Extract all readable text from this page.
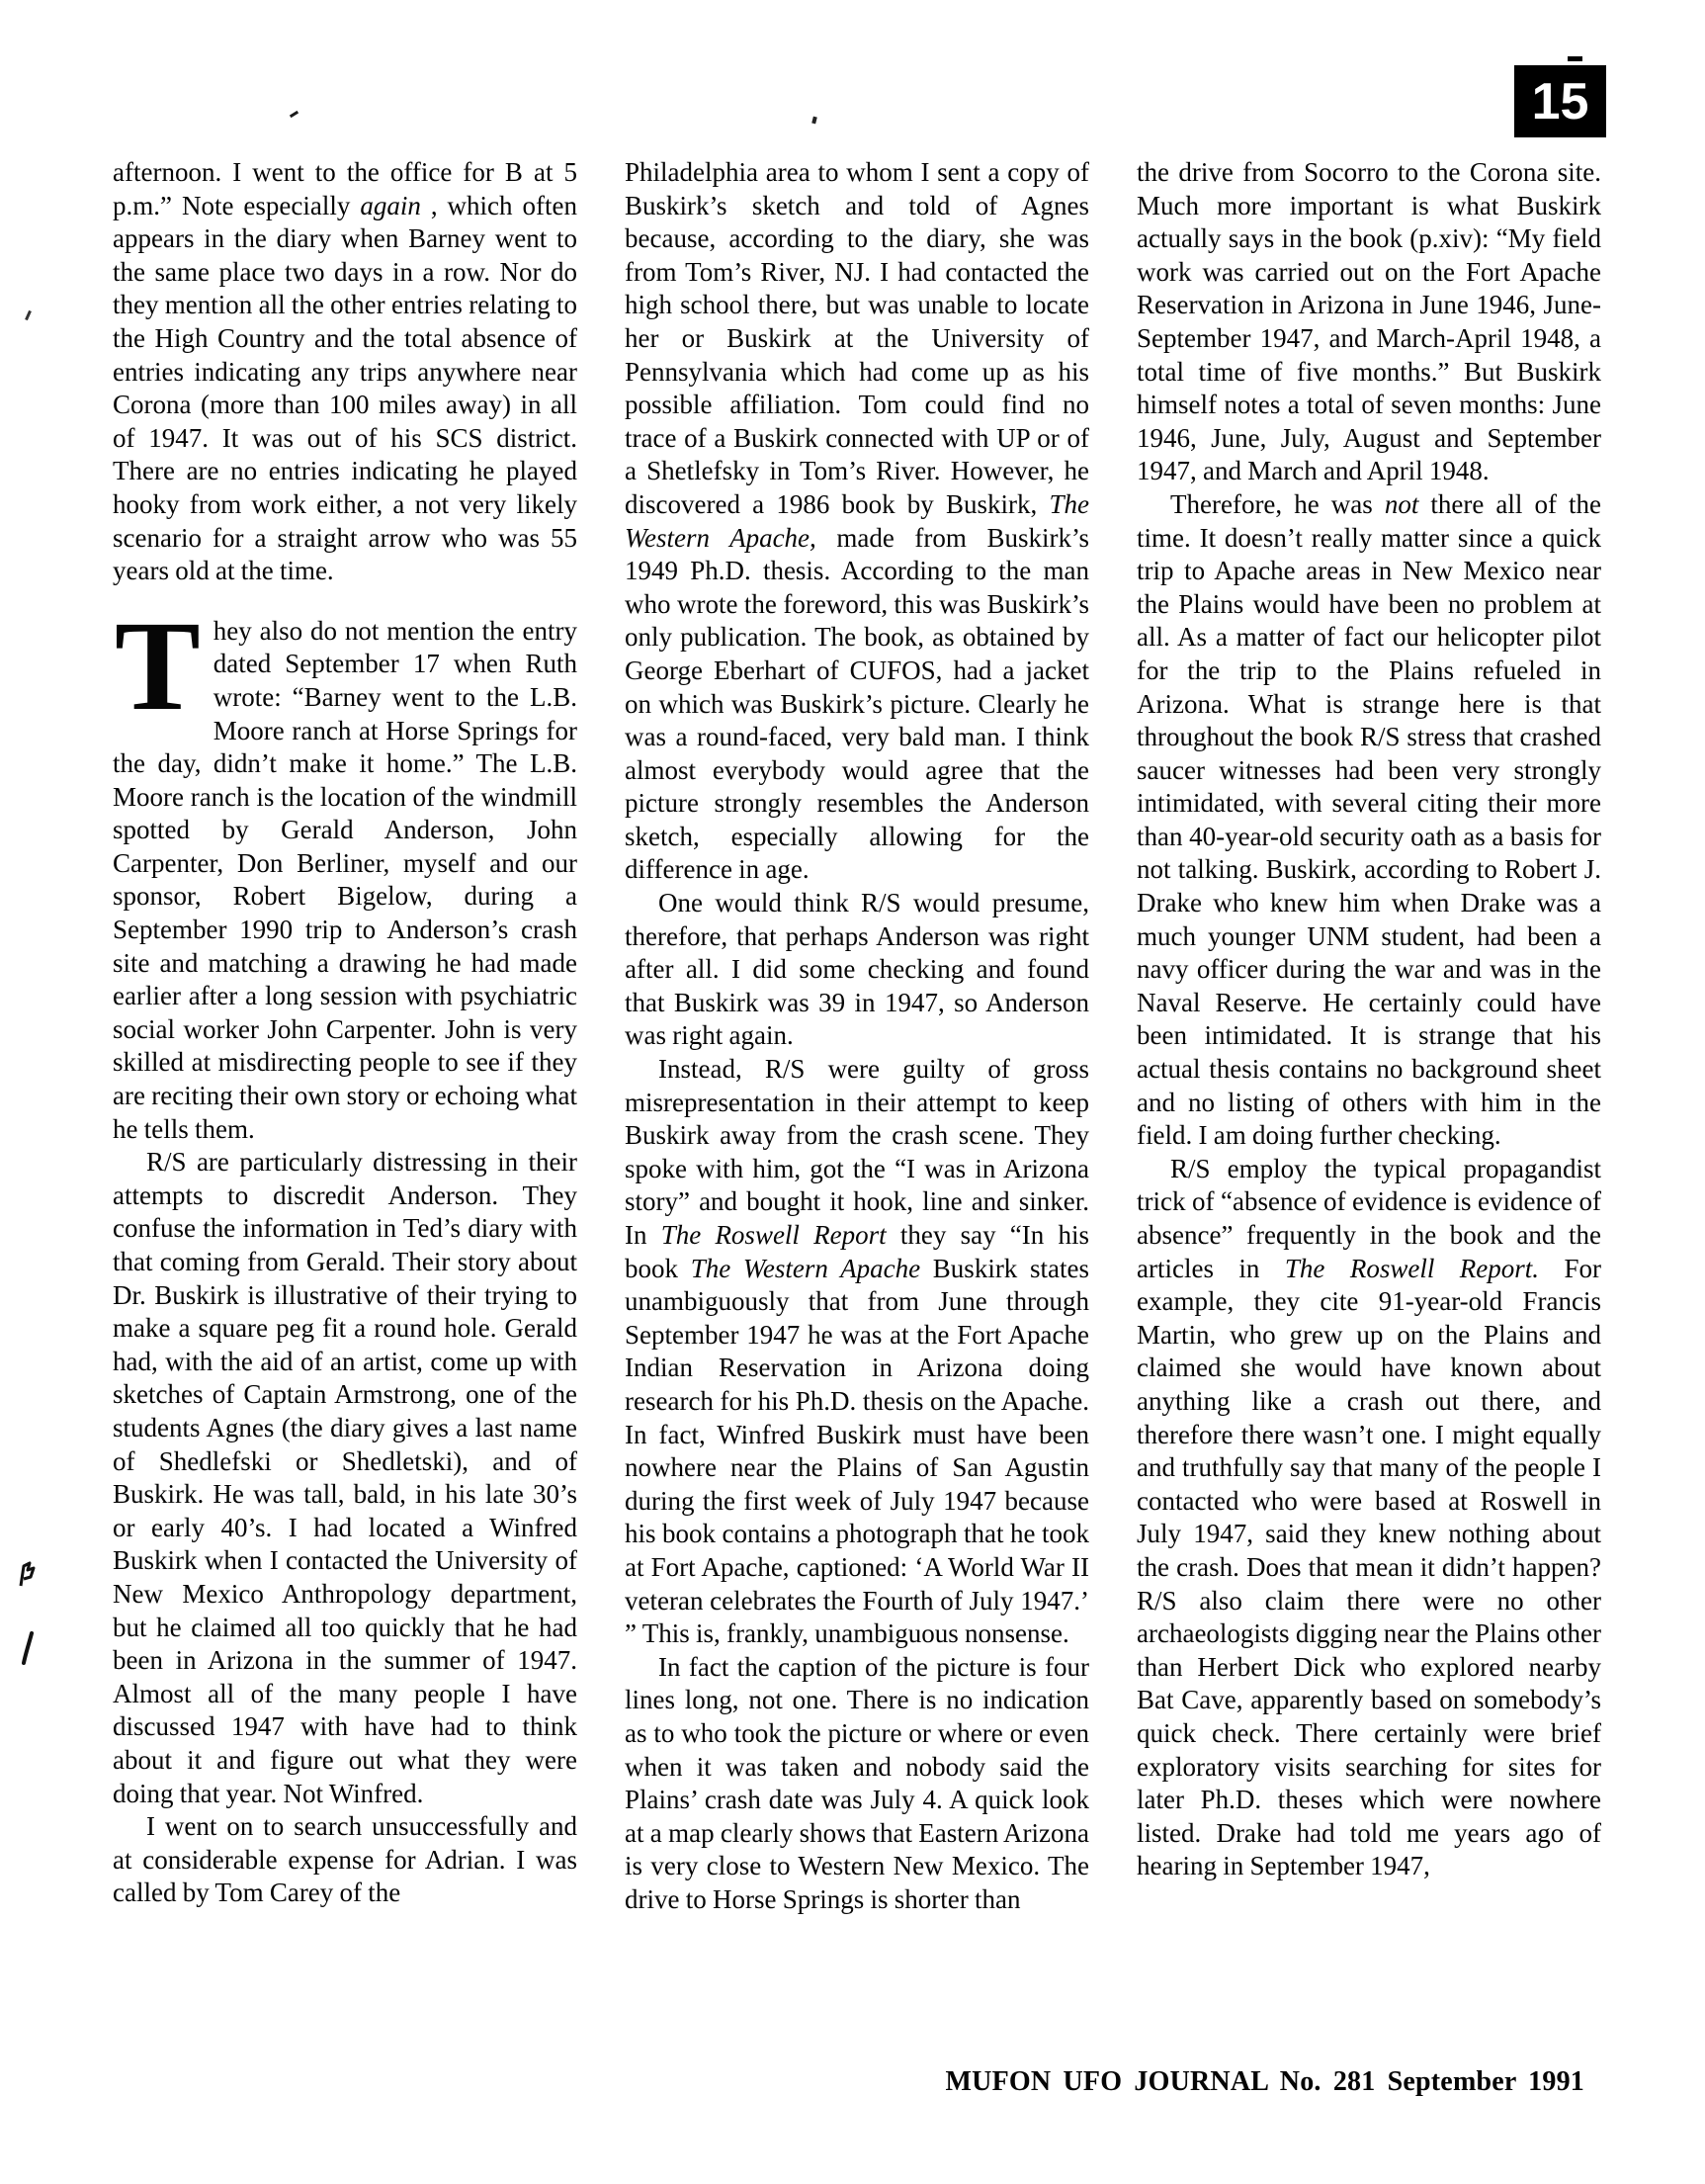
15

afternoon. I went to the office for B at 5 p.m.” Note especially again , which often appears in the diary when Barney went to the same place two days in a row. Nor do they mention all the other entries relating to the High Country and the total absence of entries indicating any trips anywhere near Corona (more than 100 miles away) in all of 1947. It was out of his SCS district. There are no entries indicating he played hooky from work either, a not very likely scenario for a straight arrow who was 55 years old at the time.

They also do not mention the entry dated September 17 when Ruth wrote: “Barney went to the L.B. Moore ranch at Horse Springs for the day, didn’t make it home.” The L.B. Moore ranch is the location of the windmill spotted by Gerald Anderson, John Carpenter, Don Berliner, myself and our sponsor, Robert Bigelow, during a September 1990 trip to Anderson’s crash site and matching a drawing he had made earlier after a long session with psychiatric social worker John Carpenter. John is very skilled at misdirecting people to see if they are reciting their own story or echoing what he tells them.

R/S are particularly distressing in their attempts to discredit Anderson. They confuse the information in Ted’s diary with that coming from Gerald. Their story about Dr. Buskirk is illustrative of their trying to make a square peg fit a round hole. Gerald had, with the aid of an artist, come up with sketches of Captain Armstrong, one of the students Agnes (the diary gives a last name of Shedlefski or Shedletski), and of Buskirk. He was tall, bald, in his late 30’s or early 40’s. I had located a Winfred Buskirk when I contacted the University of New Mexico Anthropology department, but he claimed all too quickly that he had been in Arizona in the summer of 1947. Almost all of the many people I have discussed 1947 with have had to think about it and figure out what they were doing that year. Not Winfred.

I went on to search unsuccessfully and at considerable expense for Adrian. I was called by Tom Carey of the

Philadelphia area to whom I sent a copy of Buskirk’s sketch and told of Agnes because, according to the diary, she was from Tom’s River, NJ. I had contacted the high school there, but was unable to locate her or Buskirk at the University of Pennsylvania which had come up as his possible affiliation. Tom could find no trace of a Buskirk connected with UP or of a Shetlefsky in Tom’s River. However, he discovered a 1986 book by Buskirk, The Western Apache, made from Buskirk’s 1949 Ph.D. thesis. According to the man who wrote the foreword, this was Buskirk’s only publication. The book, as obtained by George Eberhart of CUFOS, had a jacket on which was Buskirk’s picture. Clearly he was a round-faced, very bald man. I think almost everybody would agree that the picture strongly resembles the Anderson sketch, especially allowing for the difference in age.

One would think R/S would presume, therefore, that perhaps Anderson was right after all. I did some checking and found that Buskirk was 39 in 1947, so Anderson was right again.

Instead, R/S were guilty of gross misrepresentation in their attempt to keep Buskirk away from the crash scene. They spoke with him, got the “I was in Arizona story” and bought it hook, line and sinker. In The Roswell Report they say “In his book The Western Apache Buskirk states unambiguously that from June through September 1947 he was at the Fort Apache Indian Reservation in Arizona doing research for his Ph.D. thesis on the Apache. In fact, Winfred Buskirk must have been nowhere near the Plains of San Agustin during the first week of July 1947 because his book contains a photograph that he took at Fort Apache, captioned: ‘A World War II veteran celebrates the Fourth of July 1947.’ ” This is, frankly, unambiguous nonsense.

In fact the caption of the picture is four lines long, not one. There is no indication as to who took the picture or where or even when it was taken and nobody said the Plains’ crash date was July 4. A quick look at a map clearly shows that Eastern Arizona is very close to Western New Mexico. The drive to Horse Springs is shorter than

the drive from Socorro to the Corona site. Much more important is what Buskirk actually says in the book (p.xiv): “My field work was carried out on the Fort Apache Reservation in Arizona in June 1946, June-September 1947, and March-April 1948, a total time of five months.” But Buskirk himself notes a total of seven months: June 1946, June, July, August and September 1947, and March and April 1948.

Therefore, he was not there all of the time. It doesn’t really matter since a quick trip to Apache areas in New Mexico near the Plains would have been no problem at all. As a matter of fact our helicopter pilot for the trip to the Plains refueled in Arizona. What is strange here is that throughout the book R/S stress that crashed saucer witnesses had been very strongly intimidated, with several citing their more than 40-year-old security oath as a basis for not talking. Buskirk, according to Robert J. Drake who knew him when Drake was a much younger UNM student, had been a navy officer during the war and was in the Naval Reserve. He certainly could have been intimidated. It is strange that his actual thesis contains no background sheet and no listing of others with him in the field. I am doing further checking.

R/S employ the typical propagandist trick of “absence of evidence is evidence of absence” frequently in the book and the articles in The Roswell Report. For example, they cite 91-year-old Francis Martin, who grew up on the Plains and claimed she would have known about anything like a crash out there, and therefore there wasn’t one. I might equally and truthfully say that many of the people I contacted who were based at Roswell in July 1947, said they knew nothing about the crash. Does that mean it didn’t happen? R/S also claim there were no other archaeologists digging near the Plains other than Herbert Dick who explored nearby Bat Cave, apparently based on somebody’s quick check. There certainly were brief exploratory visits searching for sites for later Ph.D. theses which were nowhere listed. Drake had told me years ago of hearing in September 1947,

MUFON UFO JOURNAL No. 281 September 1991
